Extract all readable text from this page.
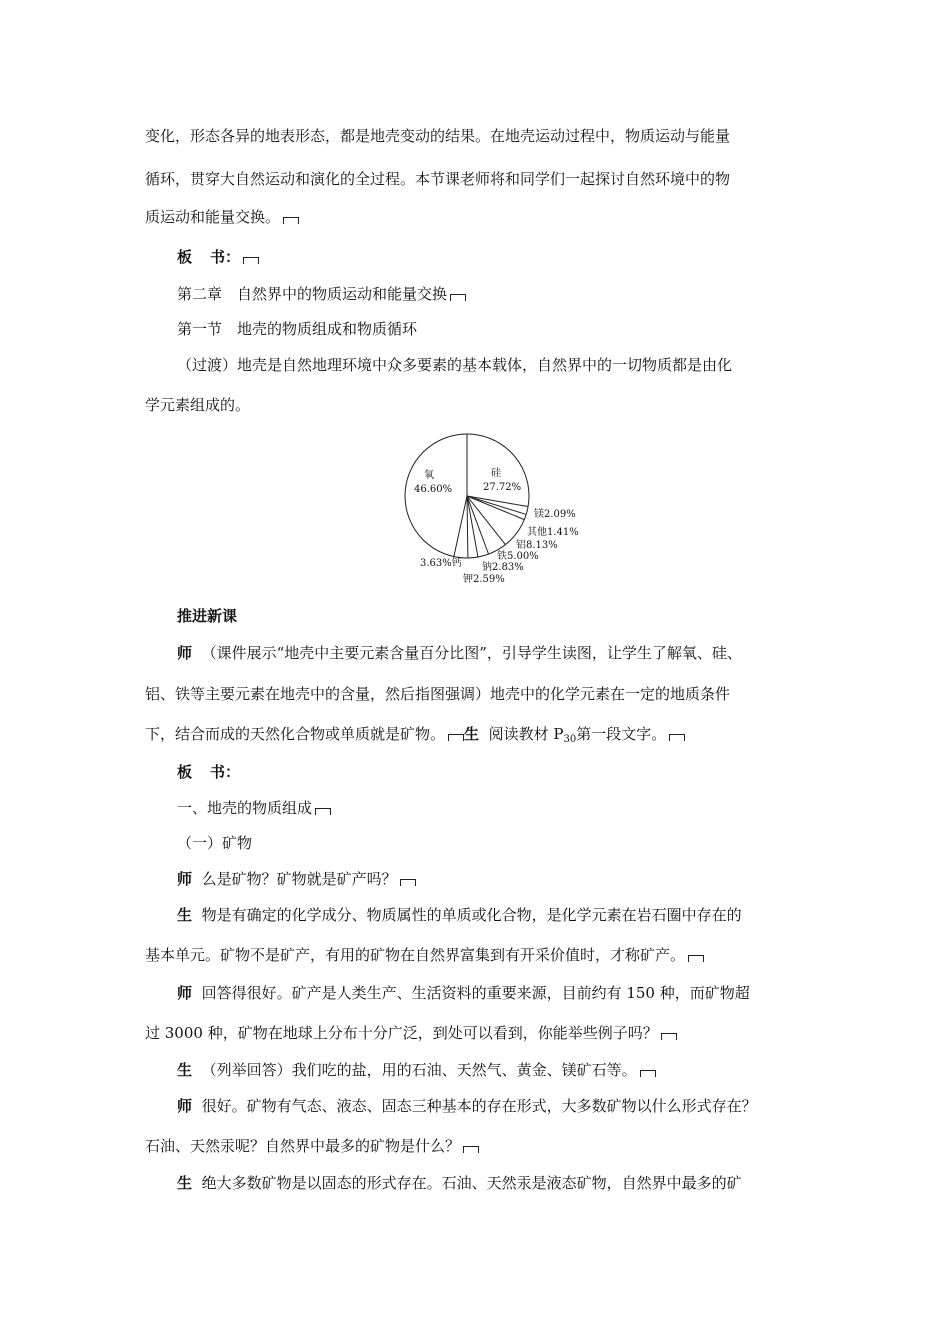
变化，形态各异的地表形态，都是地壳变动的结果。在地壳运动过程中，物质运动与能量
循环，贯穿大自然运动和演化的全过程。本节课老师将和同学们一起探讨自然环境中的物
质运动和能量交换。
板 书：
第二章　自然界中的物质运动和能量交换
第一节　地壳的物质组成和物质循环
（过渡）地壳是自然地理环境中众多要素的基本载体，自然界中的一切物质都是由化
学元素组成的。
氧
46.60%
硅
27.72%
镁2.09%
其他1.41%
铝8.13%
铁5.00%
钠2.83%
钾2.59%
3.63%钙
推进新课
师 （课件展示“地壳中主要元素含量百分比图”，引导学生读图，让学生了解氧、硅、
铝、铁等主要元素在地壳中的含量，然后指图强调）地壳中的化学元素在一定的地质条件
下，结合而成的天然化合物或单质就是矿物。 生 阅读教材 $P_{30}$第一段文字。
板 书：
一、地壳的物质组成
（一）矿物
师 么是矿物？矿物就是矿产吗？
生 物是有确定的化学成分、物质属性的单质或化合物，是化学元素在岩石圈中存在的
基本单元。矿物不是矿产，有用的矿物在自然界富集到有开采价值时，才称矿产。
师 回答得很好。矿产是人类生产、生活资料的重要来源，目前约有 150 种，而矿物超
过 3000 种，矿物在地球上分布十分广泛，到处可以看到，你能举些例子吗？
生 （列举回答）我们吃的盐，用的石油、天然气、黄金、镁矿石等。
师 很好。矿物有气态、液态、固态三种基本的存在形式，大多数矿物以什么形式存在？
石油、天然汞呢？自然界中最多的矿物是什么？
生 绝大多数矿物是以固态的形式存在。石油、天然汞是液态矿物，自然界中最多的矿
